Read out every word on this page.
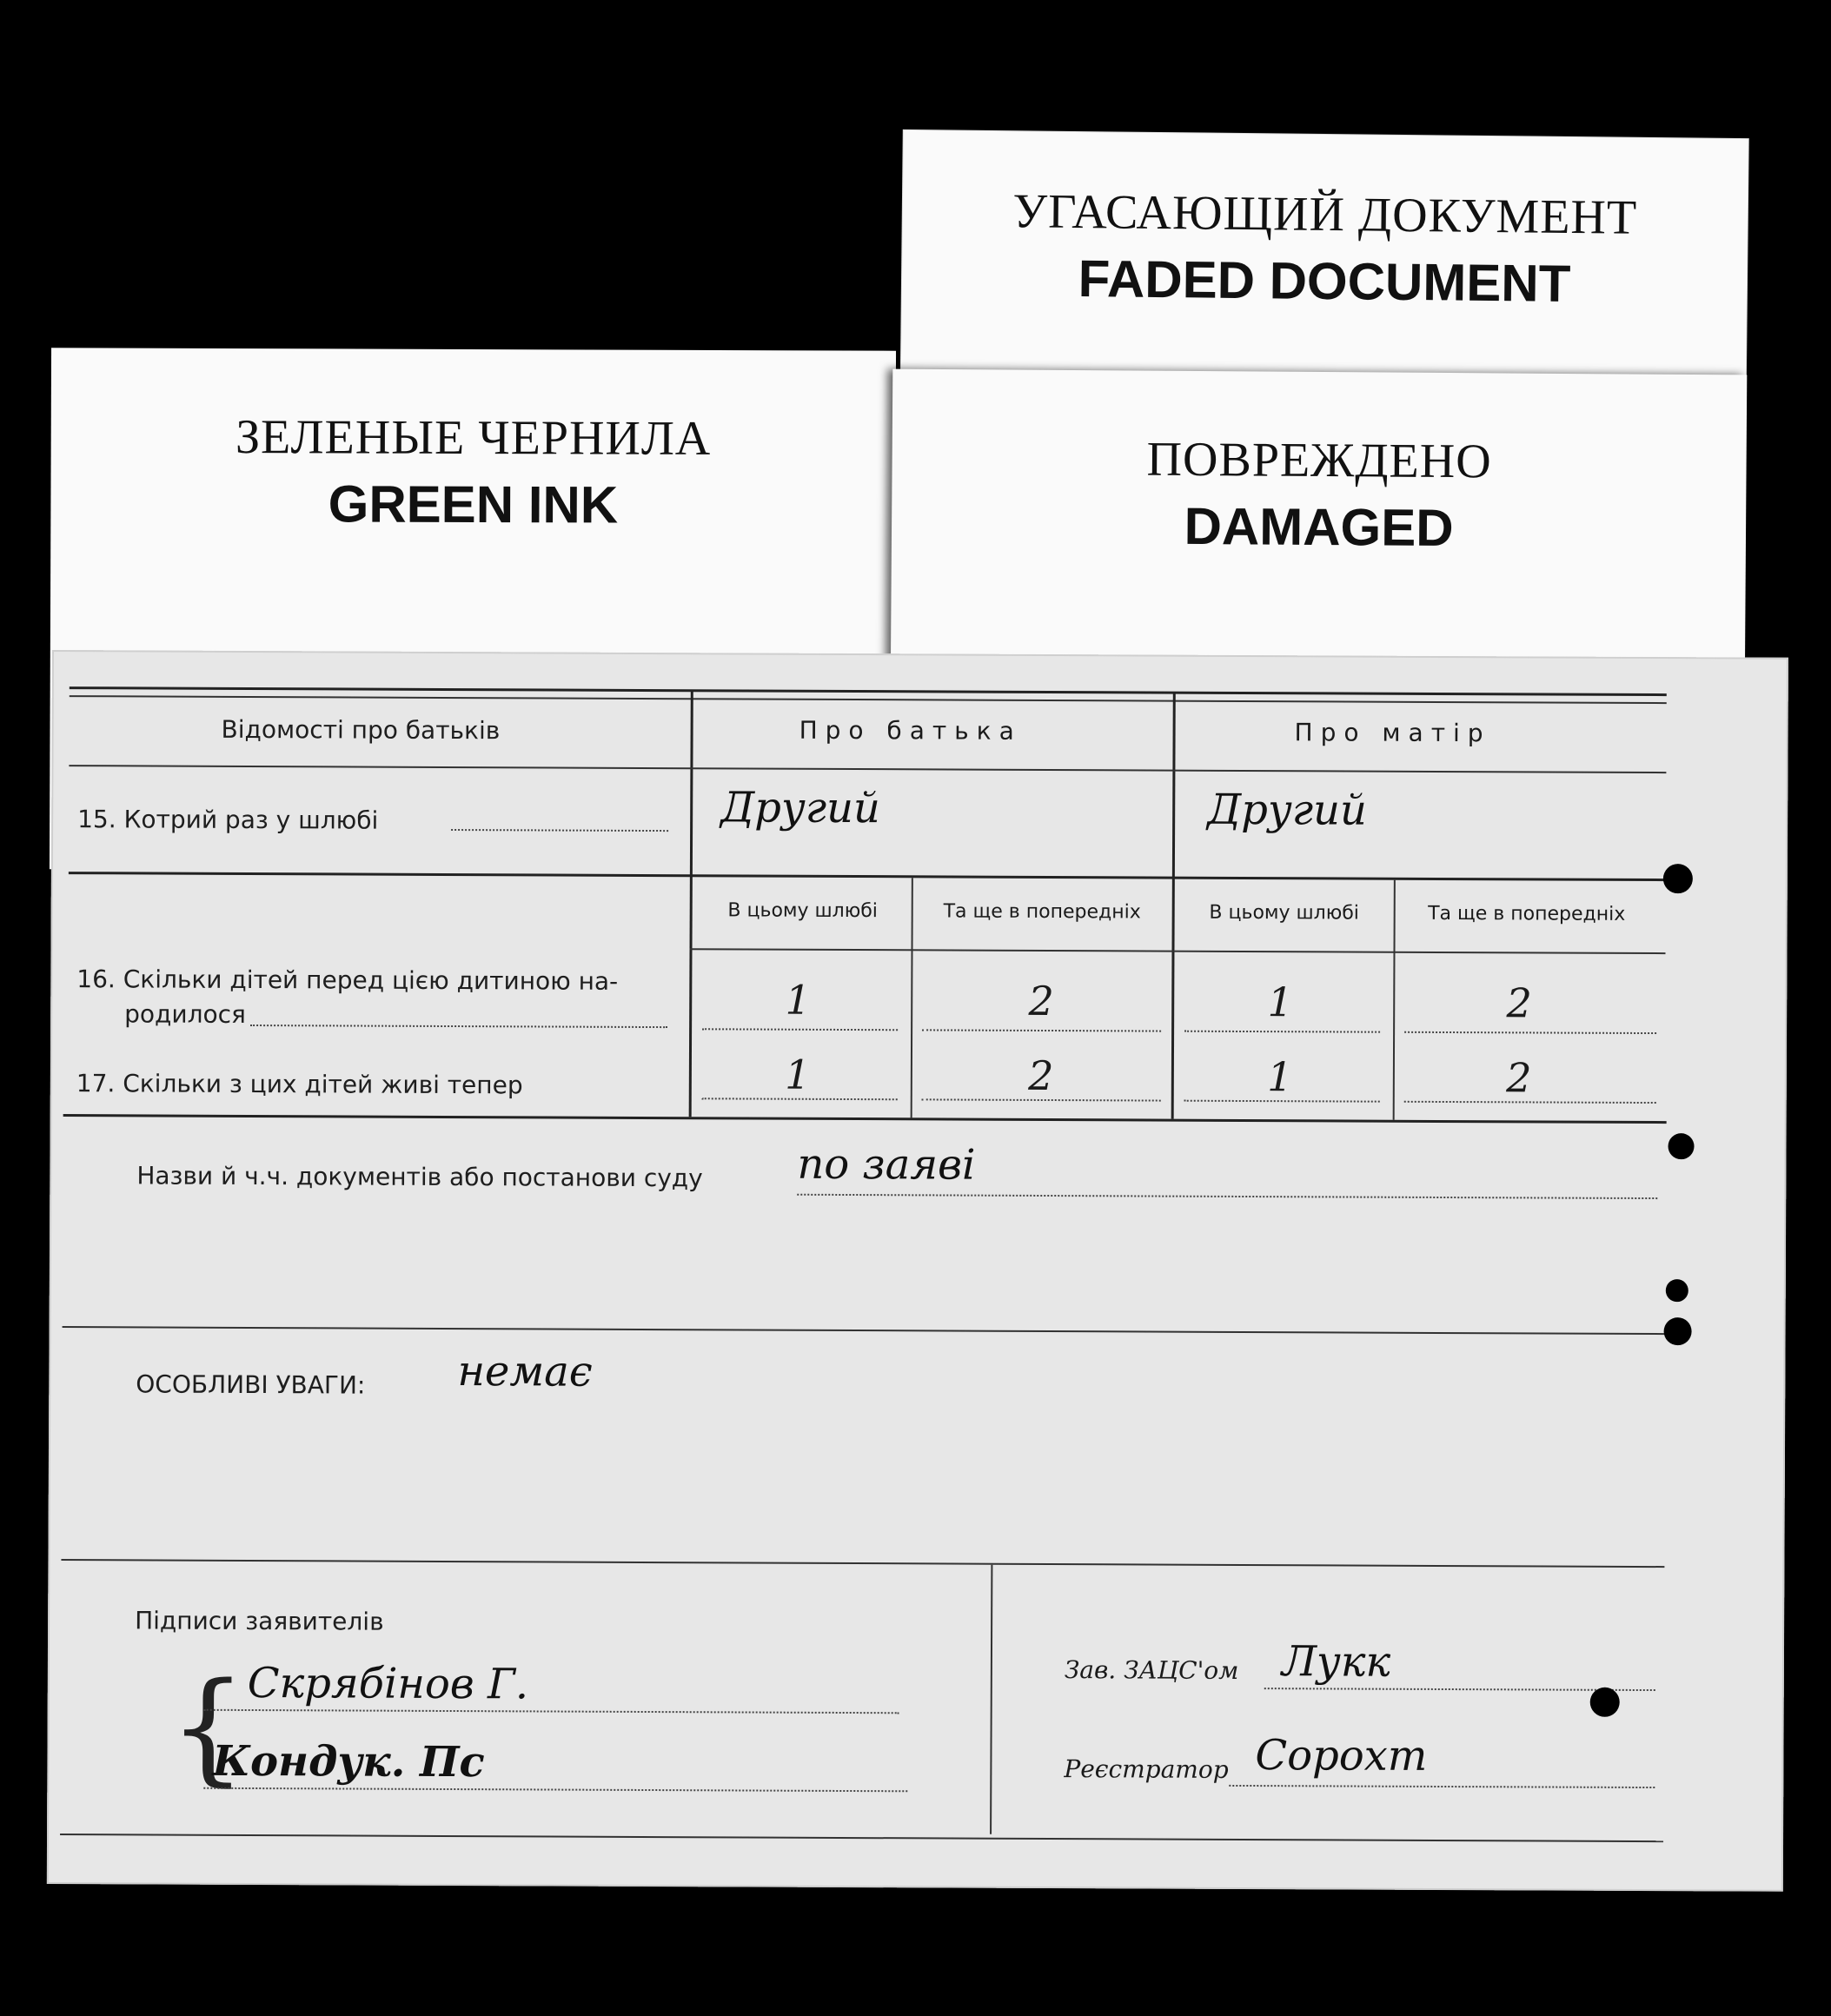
УГАСАЮЩИЙ ДОКУМЕНТ
FADED DOCUMENT
ЗЕЛЕНЫЕ ЧЕРНИЛА
GREEN INK
ПОВРЕЖДЕНО
DAMAGED
Відомості про батьків	Про батька	Про матір
15. Котрий раз у шлюбі	Другий	Другий
В цьому шлюбі	Та ще в попередніх	В цьому шлюбі	Та ще в попередніх
16. Скільки дітей перед цією дитиною на-
родилося	1	2	1	2
17. Скільки з цих дітей живі тепер	1	2	1	2
Назви й ч.ч. документів або постанови суду по заяві
ОСОБЛИВІ УВАГИ: немає
Підписи заявителів
{ Скрябінов Г.
Кондук. Пс
Зав. ЗАЦС'ом Лукк
Реєстратор Сорохт
